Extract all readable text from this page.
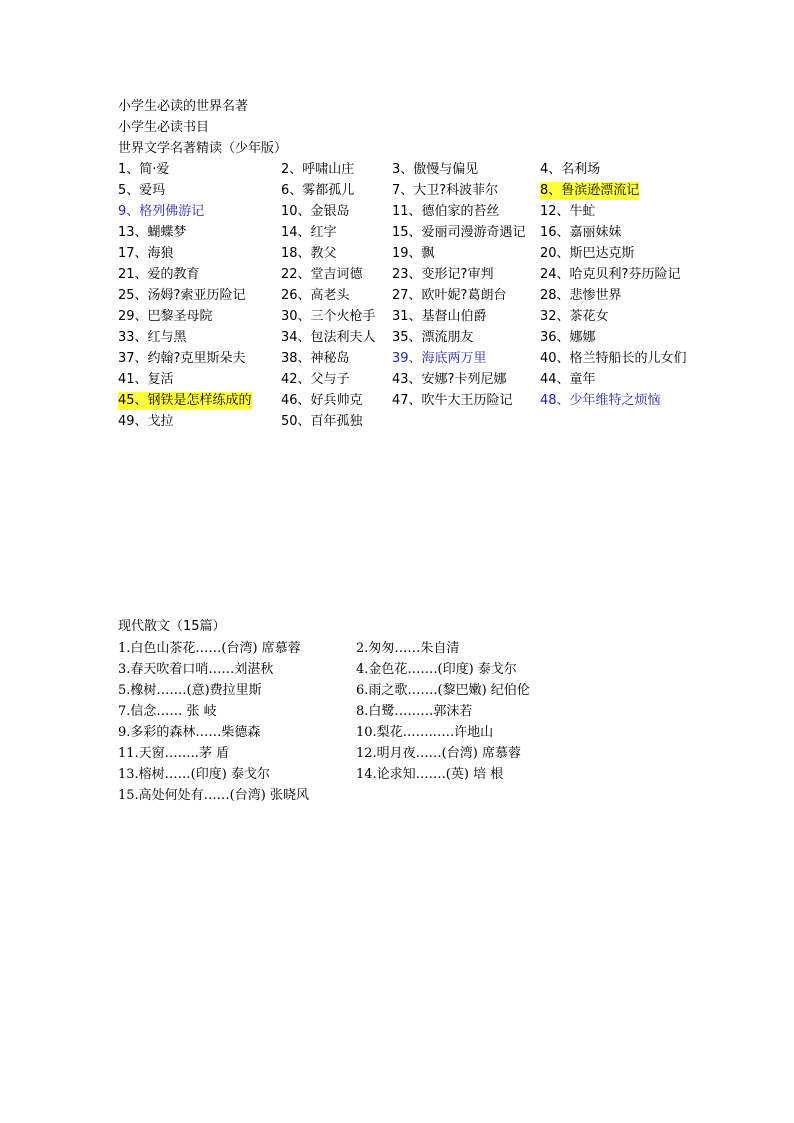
小学生必读的世界名著
小学生必读书目
世界文学名著精读（少年版）
1、简·爱	2、呼啸山庄	3、傲慢与偏见	4、名利场
5、爱玛	6、雾都孤儿	7、大卫?科波菲尔	8、鲁滨逊漂流记
9、格列佛游记	10、金银岛	11、德伯家的苔丝	12、牛虻
13、蝴蝶梦	14、红字	15、爱丽司漫游奇遇记 16、嘉丽妹妹
17、海狼	18、教父	19、飘	20、斯巴达克斯
21、爱的教育	22、堂吉诃德 23、变形记?审判	24、哈克贝利?芬历险记
25、汤姆?索亚历险记	26、高老头	27、欧叶妮?葛朗台	28、悲惨世界
29、巴黎圣母院	30、三个火枪手 31、基督山伯爵	32、茶花女
33、红与黑	34、包法利夫人 35、漂流朋友	36、娜娜
37、约翰?克里斯朵夫	38、神秘岛	39、海底两万里	40、格兰特船长的儿女们
41、复活	42、父与子	43、安娜?卡列尼娜	44、童年
45、钢铁是怎样练成的 46、好兵帅克 47、吹牛大王历险记 48、少年维特之烦恼
49、戈拉	50、百年孤独
现代散文（15篇）
1.白色山茶花……(台湾) 席慕蓉	2.匆匆……朱自清
3.春天吹着口哨……刘湛秋	4.金色花…….(印度) 泰戈尔
5.橡树…….(意)费拉里斯	6.雨之歌…….(黎巴嫩) 纪伯伦
7.信念…… 张 岐	8.白鹭………郭沫若
9.多彩的森林……柴德森	10.梨花……..….许地山
11.天窗……..茅 盾	12.明月夜……(台湾) 席慕蓉
13.榕树……(印度) 泰戈尔	14.论求知…….(英) 培 根
15.高处何处有……(台湾) 张晓风
